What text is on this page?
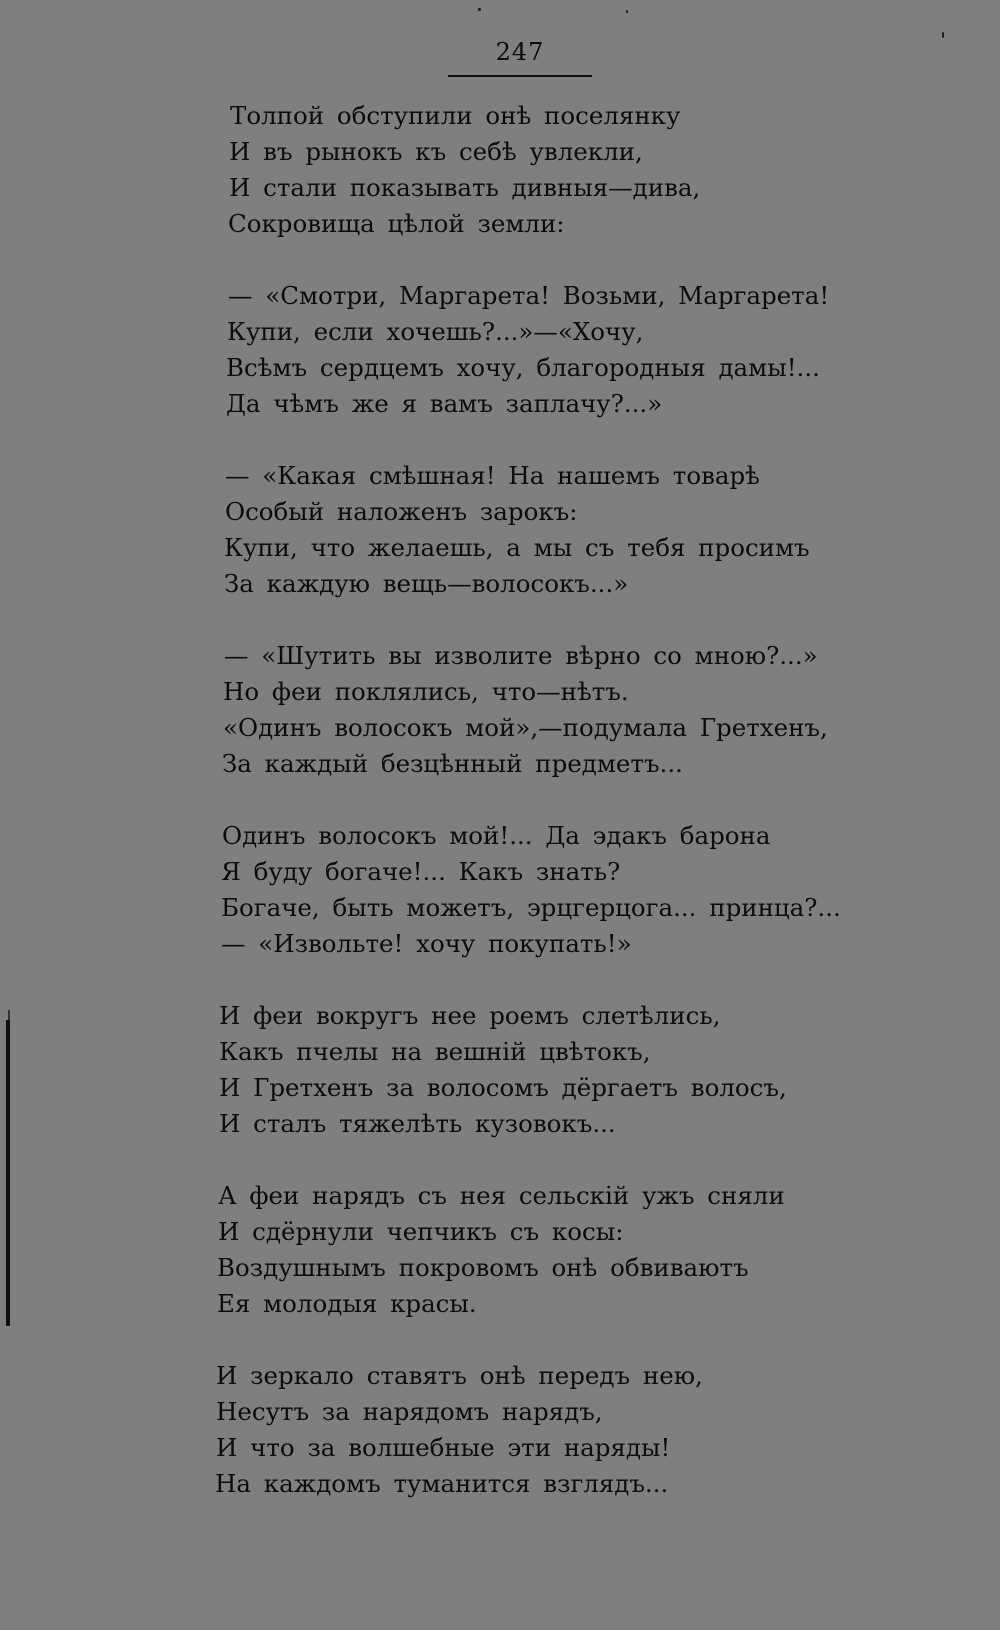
247
Толпой обступили онѣ поселянку
И въ рынокъ къ себѣ увлекли,
И стали показывать дивныя—дива,
Сокровища цѣлой земли:
— «Смотри, Маргарета! Возьми, Маргарета!
Купи, если хочешь?...»—«Хочу,
Всѣмъ сердцемъ хочу, благородныя дамы!...
Да чѣмъ же я вамъ заплачу?...»
— «Какая смѣшная! На нашемъ товарѣ
Особый наложенъ зарокъ:
Купи, что желаешь, а мы съ тебя просимъ
За каждую вещь—волосокъ...»
— «Шутить вы изволите вѣрно со мною?...»
Но феи поклялись, что—нѣтъ.
«Одинъ волосокъ мой»,—подумала Гретхенъ,
За каждый безцѣнный предметъ...
Одинъ волосокъ мой!... Да эдакъ барона
Я буду богаче!... Какъ знать?
Богаче, быть можетъ, эрцгерцога... принца?...
— «Извольте! хочу покупать!»
И феи вокругъ нее роемъ слетѣлись,
Какъ пчелы на вешній цвѣтокъ,
И Гретхенъ за волосомъ дёргаетъ волосъ,
И сталъ тяжелѣть кузовокъ...
А феи нарядъ съ нея сельскій ужъ сняли
И сдёрнули чепчикъ съ косы:
Воздушнымъ покровомъ онѣ обвиваютъ
Ея молодыя красы.
И зеркало ставятъ онѣ передъ нею,
Несутъ за нарядомъ нарядъ,
И что за волшебные эти наряды!
На каждомъ туманится взглядъ...
